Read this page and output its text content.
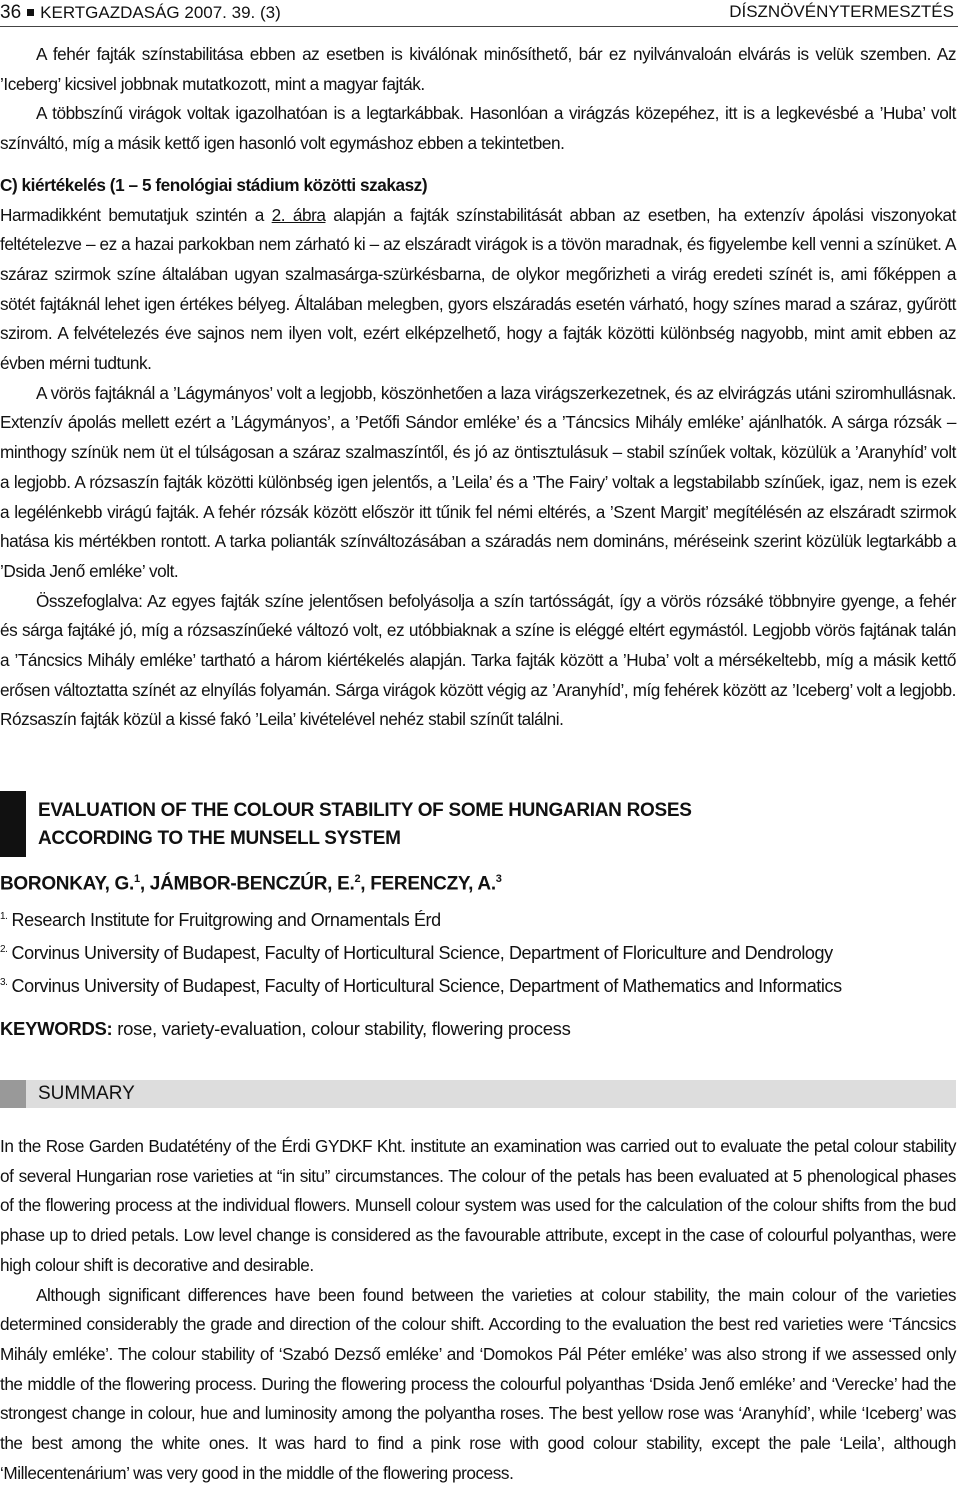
36 KERTGAZDASÁG 2007. 39. (3)	DÍSZNÖVÉNYTERMESZTÉS

A fehér fajták színstabilitása ebben az esetben is kiválónak minősíthető, bár ez nyilvánvaloán elvárás is velük szemben. Az ’Iceberg’ kicsivel jobbnak mutatkozott, mint a magyar fajták.

A többszínű virágok voltak igazolhatóan is a legtarkábbak. Hasonlóan a virágzás közepéhez, itt is a legkevésbé a ’Huba’ volt színváltó, míg a másik kettő igen hasonló volt egymáshoz ebben a tekintetben.

C) kiértékelés (1 – 5 fenológiai stádium közötti szakasz)

Harmadikként bemutatjuk szintén a 2. ábra alapján a fajták színstabilitását abban az esetben, ha extenzív ápolási viszonyokat feltételezve – ez a hazai parkokban nem zárható ki – az elszáradt virágok is a tövön maradnak, és figyelembe kell venni a színüket. A száraz szirmok színe általában ugyan szalmasárga-szürkésbarna, de olykor megőrizheti a virág eredeti színét is, ami főképpen a sötét fajtáknál lehet igen értékes bélyeg. Általában melegben, gyors elszáradás esetén várható, hogy színes marad a száraz, gyűrött szirom. A felvételezés éve sajnos nem ilyen volt, ezért elképzelhető, hogy a fajták közötti különbség nagyobb, mint amit ebben az évben mérni tudtunk.

A vörös fajtáknál a ’Lágymányos’ volt a legjobb, köszönhetően a laza virágszerkezetnek, és az elvirágzás utáni sziromhullásnak. Extenzív ápolás mellett ezért a ’Lágymányos’, a ’Petőfi Sándor emléke’ és a ’Táncsics Mihály emléke’ ajánlhatók. A sárga rózsák – minthogy színük nem üt el túlságosan a száraz szalmaszíntől, és jó az öntisztulásuk – stabil színűek voltak, közülük a ’Aranyhíd’ volt a legjobb. A rózsaszín fajták közötti különbség igen jelentős, a ’Leila’ és a ’The Fairy’ voltak a legstabilabb színűek, igaz, nem is ezek a legélénkebb virágú fajták. A fehér rózsák között először itt tűnik fel némi eltérés, a ’Szent Margit’ megítélésén az elszáradt szirmok hatása kis mértékben rontott. A tarka polianták színváltozásában a száradás nem domináns, méréseink szerint közülük legtarkább a ’Dsida Jenő emléke’ volt.

Összefoglalva: Az egyes fajták színe jelentősen befolyásolja a szín tartósságát, így a vörös rózsáké többnyire gyenge, a fehér és sárga fajtáké jó, míg a rózsaszínűeké változó volt, ez utóbbiaknak a színe is eléggé eltért egymástól. Legjobb vörös fajtának talán a ’Táncsics Mihály emléke’ tartható a három kiértékelés alapján. Tarka fajták között a ’Huba’ volt a mérsékeltebb, míg a másik kettő erősen változtatta színét az elnyílás folyamán. Sárga virágok között végig az ’Aranyhíd’, míg fehérek között az ’Iceberg’ volt a legjobb. Rózsaszín fajták közül a kissé fakó ’Leila’ kivételével nehéz stabil színűt találni.

EVALUATION OF THE COLOUR STABILITY OF SOME HUNGARIAN ROSES
ACCORDING TO THE MUNSELL SYSTEM
BORONKAY, G.$^1$, JÁMBOR-BENCZÚR, E.$^2$, FERENCZY, A.$^3$
$^{1.}$ Research Institute for Fruitgrowing and Ornamentals Érd
$^{2.}$ Corvinus University of Budapest, Faculty of Horticultural Science, Department of Floriculture and Dendrology
$^{3.}$ Corvinus University of Budapest, Faculty of Horticultural Science, Department of Mathematics and Informatics
KEYWORDS: rose, variety-evaluation, colour stability, flowering process
SUMMARY

In the Rose Garden Budatétény of the Érdi GYDKF Kht. institute an examination was carried out to evaluate the petal colour stability of several Hungarian rose varieties at “in situ” circumstances. The colour of the petals has been evaluated at 5 phenological phases of the flowering process at the individual flowers. Munsell colour system was used for the calculation of the colour shifts from the bud phase up to dried petals. Low level change is considered as the favourable attribute, except in the case of colourful polyanthas, were high colour shift is decorative and desirable.

Although significant differences have been found between the varieties at colour stability, the main colour of the varieties determined considerably the grade and direction of the colour shift. According to the evaluation the best red varieties were ‘Táncsics Mihály emléke’. The colour stability of ‘Szabó Dezső emléke’ and ‘Domokos Pál Péter emléke’ was also strong if we assessed only the middle of the flowering process. During the flowering process the colourful polyanthas ‘Dsida Jenő emléke’ and ‘Verecke’ had the strongest change in colour, hue and luminosity among the polyantha roses. The best yellow rose was ‘Aranyhíd’, while ‘Iceberg’ was the best among the white ones. It was hard to find a pink rose with good colour stability, except the pale ‘Leila’, although ‘Millecentenárium’ was very good in the middle of the flowering process.
